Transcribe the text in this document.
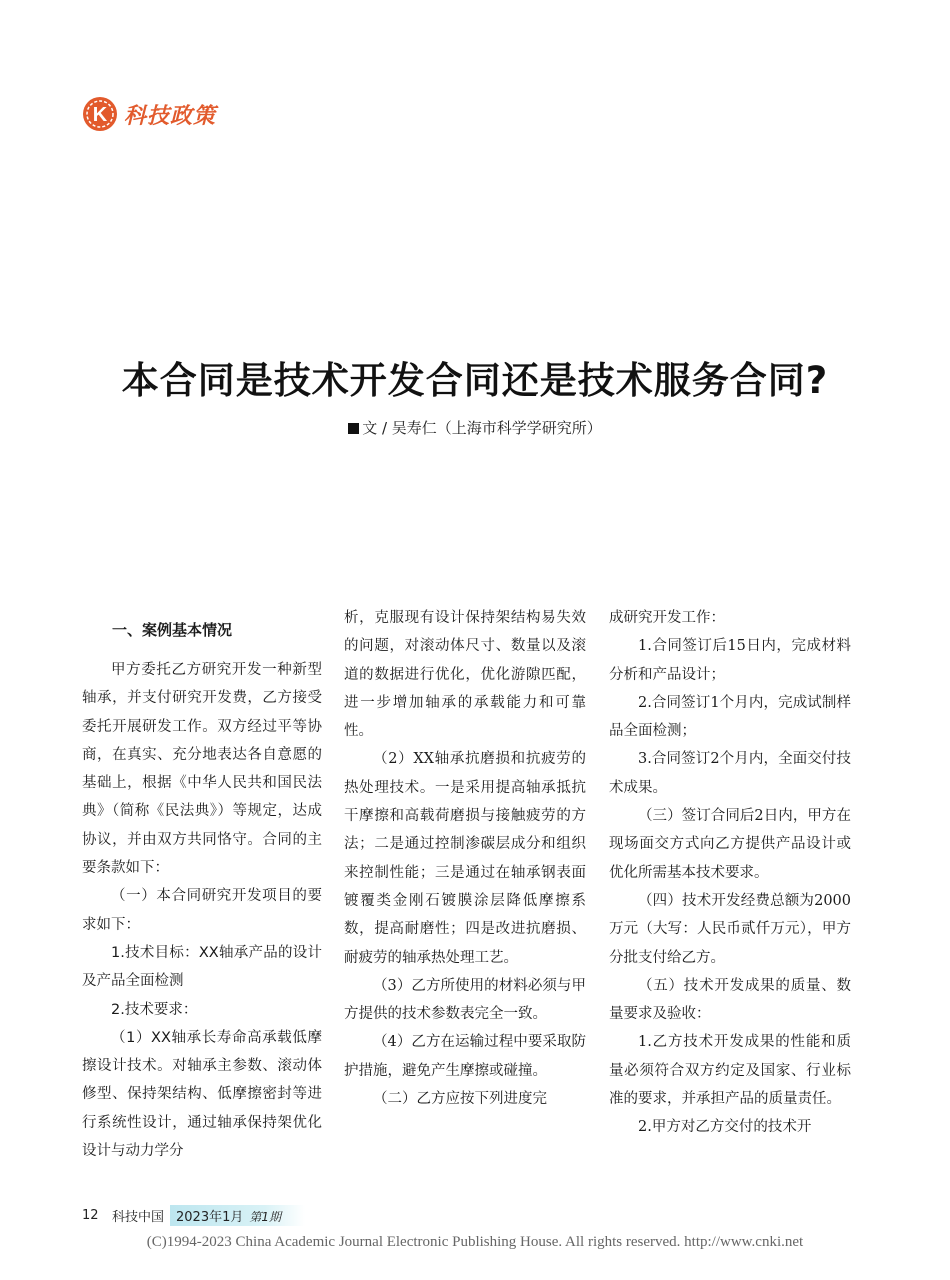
K 科技政策
本合同是技术开发合同还是技术服务合同?
文 / 吴寿仁（上海市科学学研究所）
一、案例基本情况

甲方委托乙方研究开发一种新型轴承，并支付研究开发费，乙方接受委托开展研发工作。双方经过平等协商，在真实、充分地表达各自意愿的基础上，根据《中华人民共和国民法典》（简称《民法典》）等规定，达成协议，并由双方共同恪守。合同的主要条款如下：

（一）本合同研究开发项目的要求如下：

1.技术目标：XX轴承产品的设计及产品全面检测

2.技术要求：

（1）XX轴承长寿命高承载低摩擦设计技术。对轴承主参数、滚动体修型、保持架结构、低摩擦密封等进行系统性设计，通过轴承保持架优化设计与动力学分

析，克服现有设计保持架结构易失效的问题，对滚动体尺寸、数量以及滚道的数据进行优化，优化游隙匹配，进一步增加轴承的承载能力和可靠性。

（2）XX轴承抗磨损和抗疲劳的热处理技术。一是采用提高轴承抵抗干摩擦和高载荷磨损与接触疲劳的方法；二是通过控制渗碳层成分和组织来控制性能；三是通过在轴承钢表面镀覆类金刚石镀膜涂层降低摩擦系数，提高耐磨性；四是改进抗磨损、耐疲劳的轴承热处理工艺。

（3）乙方所使用的材料必须与甲方提供的技术参数表完全一致。

（4）乙方在运输过程中要采取防护措施，避免产生摩擦或碰撞。

（二）乙方应按下列进度完

成研究开发工作：

1.合同签订后15日内，完成材料分析和产品设计；

2.合同签订1个月内，完成试制样品全面检测；

3.合同签订2个月内，全面交付技术成果。

（三）签订合同后2日内，甲方在现场面交方式向乙方提供产品设计或优化所需基本技术要求。

（四）技术开发经费总额为2000万元（大写：人民币贰仟万元），甲方分批支付给乙方。

（五）技术开发成果的质量、数量要求及验收：

1.乙方技术开发成果的性能和质量必须符合双方约定及国家、行业标准的要求，并承担产品的质量责任。

2.甲方对乙方交付的技术开

12	科技中国 2023年1月 第1期
(C)1994-2023 China Academic Journal Electronic Publishing House. All rights reserved. http://www.cnki.net
